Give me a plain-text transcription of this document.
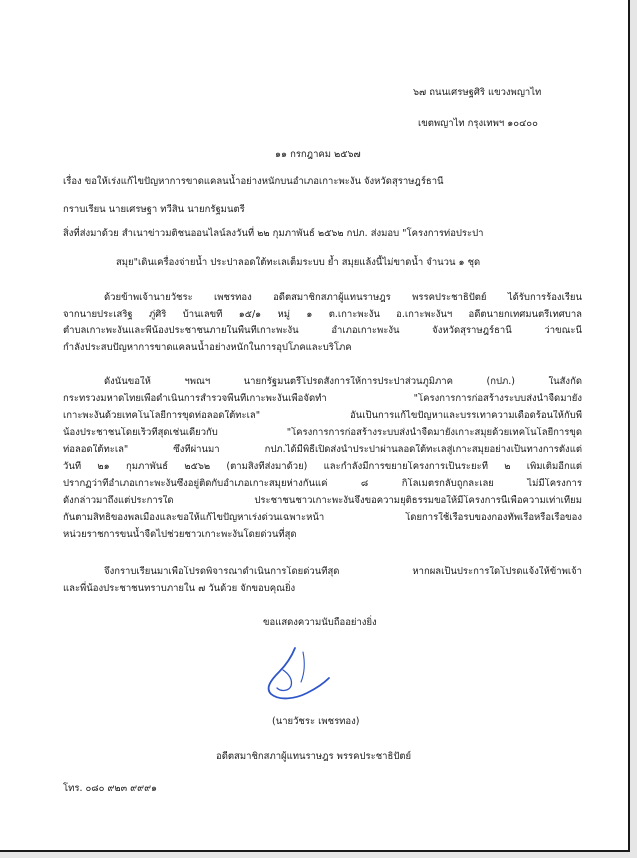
๖๗ ถนนเศรษฐศิริ แขวงพญาไท
เขตพญาไท กรุงเทพฯ ๑๐๔๐๐
๑๑ กรกฎาคม ๒๕๖๗
เรื่อง ขอให้เร่งแก้ไขปัญหาการขาดแคลนน้ำอย่างหนักบนอำเภอเกาะพะงัน จังหวัดสุราษฎร์ธานี
กราบเรียน นายเศรษฐา ทวีสิน นายกรัฐมนตรี
สิ่งที่ส่งมาด้วย สำเนาข่าวมติชนออนไลน์ลงวันที่ ๒๒ กุมภาพันธ์ ๒๕๖๒ กปภ. ส่งมอบ "โครงการท่อประปา
สมุย"เดินเครื่องจ่ายน้ำ ประปาลอดใต้ทะเลเต็มระบบ ย้ำ สมุยแล้งนี้ไม่ขาดน้ำ จำนวน ๑ ชุด
ด้วยข้าพเจ้านายวัชระ เพชรทอง อดีตสมาชิกสภาผู้แทนราษฎร พรรคประชาธิปัตย์ ได้รับการร้องเรียน
จากนายประเสริฐ ภู่ศิริ บ้านเลขที่ ๑๕/๑ หมู่ ๑ ต.เกาะพะงัน อ.เกาะพะงันฯ อดีตนายกเทศมนตรีเทศบาล
ตำบลเกาะพะงันและพี่น้องประชาชนภายในพื้นที่เกาะพะงัน อำเภอเกาะพะงัน จังหวัดสุราษฎร์ธานี ว่าขณะนี้
กำลังประสบปัญหาการขาดแคลนน้ำอย่างหนักในการอุปโภคและบริโภค
ดังนั้นขอให้ ฯพณฯ นายกรัฐมนตรีโปรดสั่งการให้การประปาส่วนภูมิภาค (กปภ.) ในสังกัด
กระทรวงมหาดไทยเพื่อดำเนินการสำรวจพื้นที่เกาะพะงันเพื่อจัดทำ "โครงการการก่อสร้างระบบส่งน้ำจืดมายัง
เกาะพะงันด้วยเทคโนโลยีการขุดท่อลอดใต้ทะเล" อันเป็นการแก้ไขปัญหาและบรรเทาความเดือดร้อนให้กับพี่
น้องประชาชนโดยเร็วที่สุดเช่นเดียวกับ "โครงการการก่อสร้างระบบส่งน้ำจืดมายังเกาะสมุยด้วยเทคโนโลยีการขุด
ท่อลอดใต้ทะเล" ซึ่งที่ผ่านมา กปภ.ได้มีพิธีเปิดส่งน้ำประปาผ่านลอดใต้ทะเลสู่เกาะสมุยอย่างเป็นทางการตั้งแต่
วันที่ ๒๑ กุมภาพันธ์ ๒๕๖๒ (ตามสิ่งที่ส่งมาด้วย) และกำลังมีการขยายโครงการเป็นระยะที่ ๒ เพิ่มเติมอีกแต่
ปรากฏว่าที่อำเภอเกาะพะงันซึ่งอยู่ติดกับอำเภอเกาะสมุยห่างกันแค่ ๘ กิโลเมตรกลับถูกละเลย ไม่มีโครงการ
ดังกล่าวมาถึงแต่ประการใด ประชาชนชาวเกาะพะงันจึงขอความยุติธรรมขอให้มีโครงการนี้เพื่อความเท่าเทียม
กันตามสิทธิของพลเมืองและขอให้แก้ไขปัญหาเร่งด่วนเฉพาะหน้า โดยการใช้เรือรบของกองทัพเรือหรือเรือของ
หน่วยราชการขนน้ำจืดไปช่วยชาวเกาะพะงันโดยด่วนที่สุด
จึงกราบเรียนมาเพื่อโปรดพิจารณาดำเนินการโดยด่วนที่สุด หากผลเป็นประการใดโปรดแจ้งให้ข้าพเจ้า
และพี่น้องประชาชนทราบภายใน ๗ วันด้วย จักขอบคุณยิ่ง
ขอแสดงความนับถืออย่างยิ่ง
(นายวัชระ เพชรทอง)
อดีตสมาชิกสภาผู้แทนราษฎร พรรคประชาธิปัตย์
โทร. ๐๘๐ ๙๒๓ ๙๙๙๑
